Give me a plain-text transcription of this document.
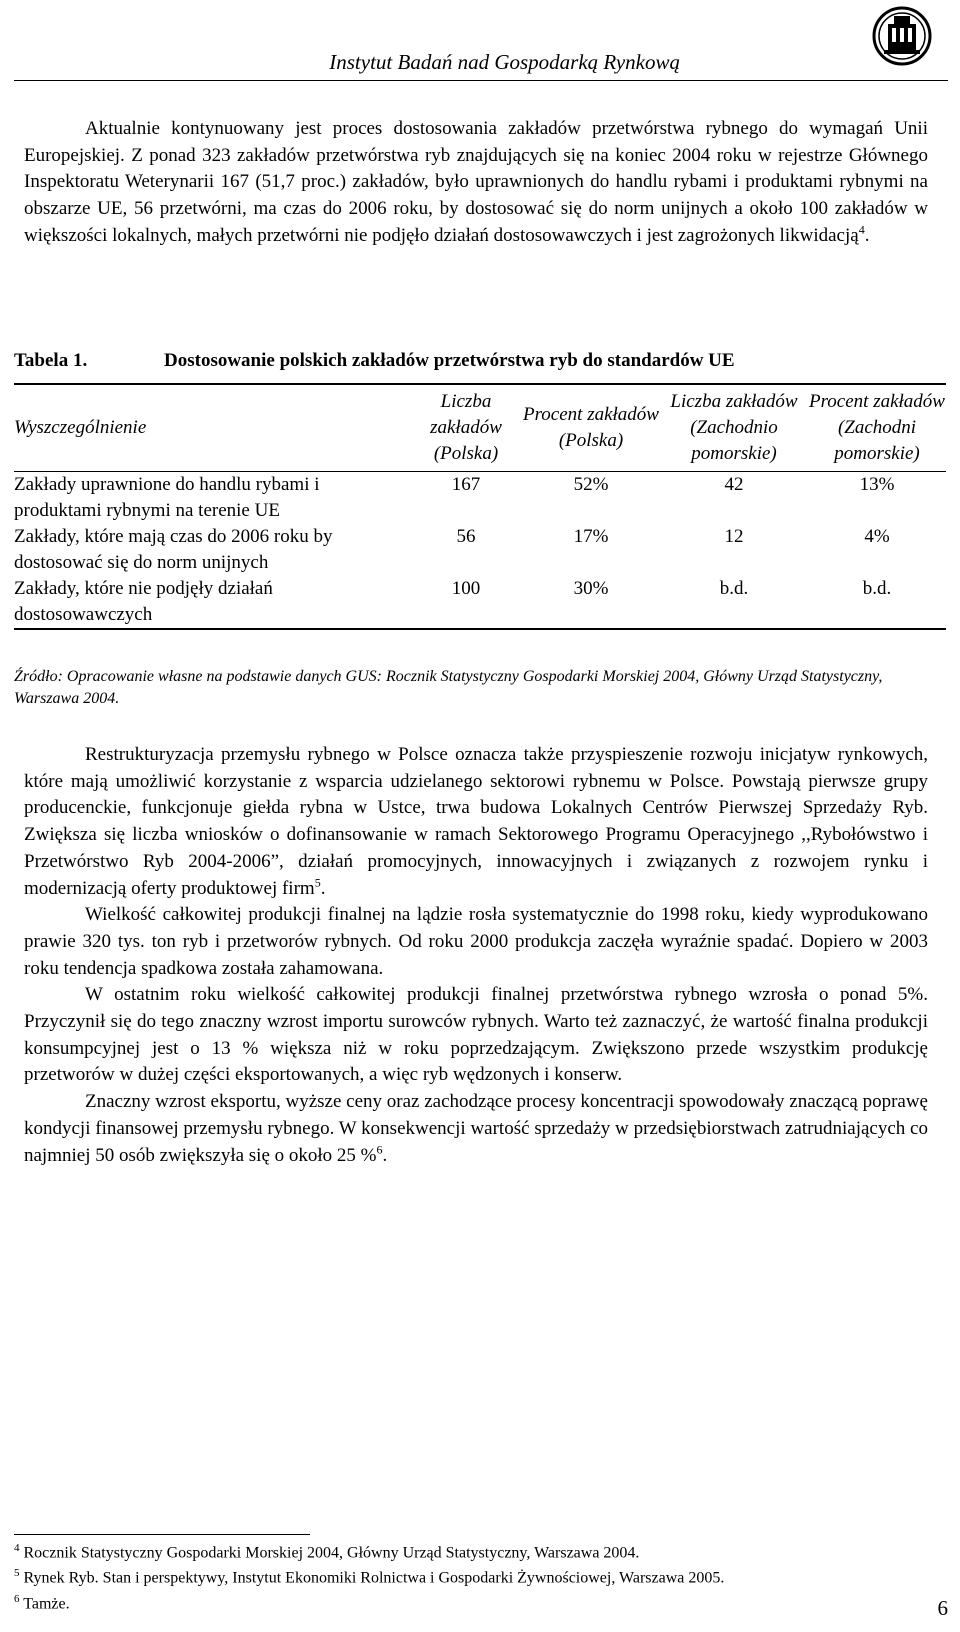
Instytut Badań nad Gospodarką Rynkową

Aktualnie kontynuowany jest proces dostosowania zakładów przetwórstwa rybnego do wymagań Unii Europejskiej. Z ponad 323 zakładów przetwórstwa ryb znajdujących się na koniec 2004 roku w rejestrze Głównego Inspektoratu Weterynarii 167 (51,7 proc.) zakładów, było uprawnionych do handlu rybami i produktami rybnymi na obszarze UE, 56 przetwórni, ma czas do 2006 roku, by dostosować się do norm unijnych a około 100 zakładów w większości lokalnych, małych przetwórni nie podjęło działań dostosowawczych i jest zagrożonych likwidacją$^4$.

Tabela 1.	Dostosowanie polskich zakładów przetwórstwa ryb do standardów UE
Wyszczególnienie	Liczba zakładów (Polska)	Procent zakładów (Polska)	Liczba zakładów (Zachodnio pomorskie)	Procent zakładów (Zachodni pomorskie)
Zakłady uprawnione do handlu rybami i produktami rybnymi na terenie UE	167	52%	42	13%
Zakłady, które mają czas do 2006 roku by dostosować się do norm unijnych	56	17%	12	4%
Zakłady, które nie podjęły działań dostosowawczych	100	30%	b.d.	b.d.
Źródło: Opracowanie własne na podstawie danych GUS: Rocznik Statystyczny Gospodarki Morskiej 2004, Główny Urząd Statystyczny, Warszawa 2004.

Restrukturyzacja przemysłu rybnego w Polsce oznacza także przyspieszenie rozwoju inicjatyw rynkowych, które mają umożliwić korzystanie z wsparcia udzielanego sektorowi rybnemu w Polsce. Powstają pierwsze grupy producenckie, funkcjonuje giełda rybna w Ustce, trwa budowa Lokalnych Centrów Pierwszej Sprzedaży Ryb. Zwiększa się liczba wniosków o dofinansowanie w ramach Sektorowego Programu Operacyjnego ,,Rybołówstwo i Przetwórstwo Ryb 2004-2006”, działań promocyjnych, innowacyjnych i związanych z rozwojem rynku i modernizacją oferty produktowej firm$^5$.

Wielkość całkowitej produkcji finalnej na lądzie rosła systematycznie do 1998 roku, kiedy wyprodukowano prawie 320 tys. ton ryb i przetworów rybnych. Od roku 2000 produkcja zaczęła wyraźnie spadać. Dopiero w 2003 roku tendencja spadkowa została zahamowana.

W ostatnim roku wielkość całkowitej produkcji finalnej przetwórstwa rybnego wzrosła o ponad 5%. Przyczynił się do tego znaczny wzrost importu surowców rybnych. Warto też zaznaczyć, że wartość finalna produkcji konsumpcyjnej jest o 13 % większa niż w roku poprzedzającym. Zwiększono przede wszystkim produkcję przetworów w dużej części eksportowanych, a więc ryb wędzonych i konserw.

Znaczny wzrost eksportu, wyższe ceny oraz zachodzące procesy koncentracji spowodowały znaczącą poprawę kondycji finansowej przemysłu rybnego. W konsekwencji wartość sprzedaży w przedsiębiorstwach zatrudniających co najmniej 50 osób zwiększyła się o około 25 %$^6$.

$^4$ Rocznik Statystyczny Gospodarki Morskiej 2004, Główny Urząd Statystyczny, Warszawa 2004.
$^5$ Rynek Ryb. Stan i perspektywy, Instytut Ekonomiki Rolnictwa i Gospodarki Żywnościowej, Warszawa 2005.
$^6$ Tamże.	6
